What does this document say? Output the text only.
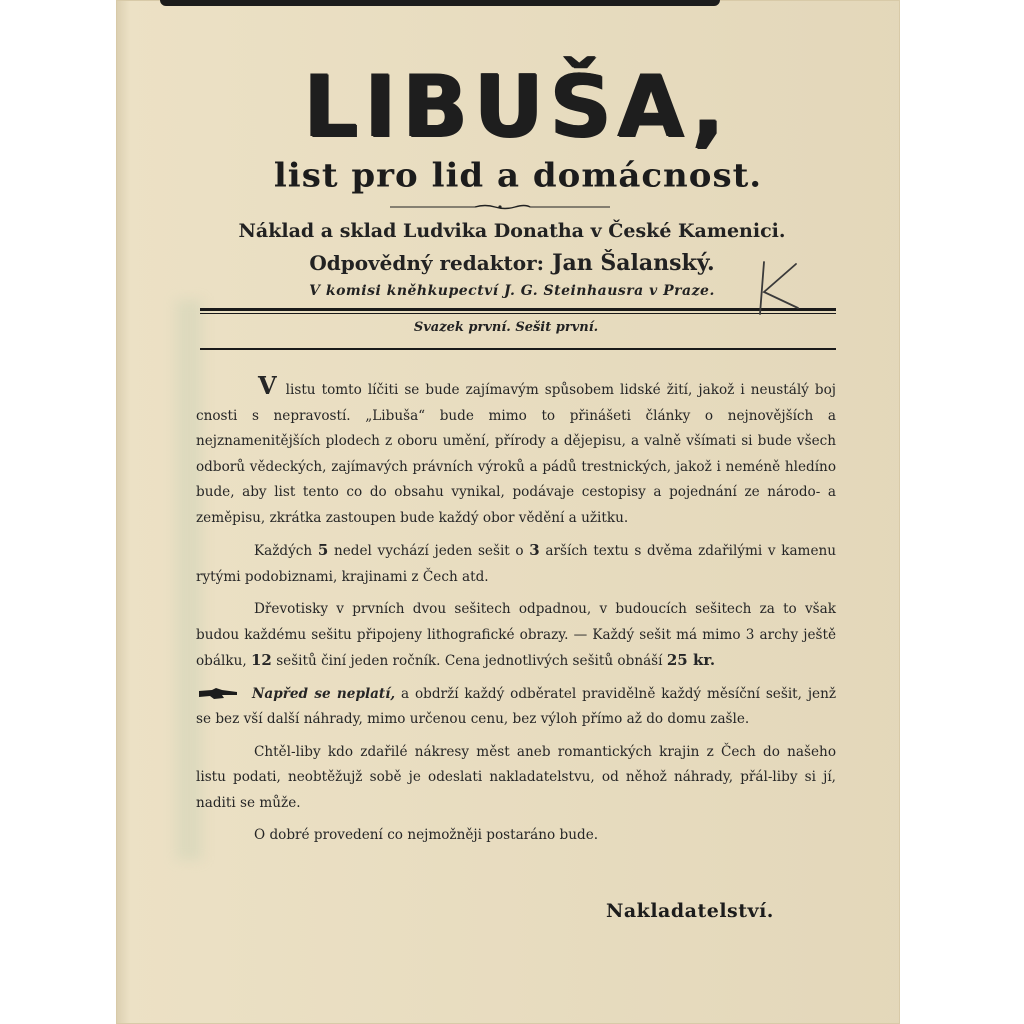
LIBUŠA,
list pro lid a domácnost.
Náklad a sklad Ludvika Donatha v České Kamenici.
Odpovědný redaktor: Jan Šalanský.
V komisi kněhkupectví J. G. Steinhausra v Praze.
Svazek první. Sešit první.

V listu tomto líčiti se bude zajímavým spůsobem lidské žití, jakož i neustálý boj cnosti s nepravostí. „Libuša“ bude mimo to přinášeti články o nejnovějších a nejznamenitějších plodech z oboru umění, přírody a dějepisu, a valně všímati si bude všech odborů vědeckých, zajímavých právních výroků a pádů trestnických, jakož i neméně hledíno bude, aby list tento co do obsahu vynikal, podávaje cestopisy a pojednání ze národo- a zeměpisu, zkrátka zastoupen bude každý obor vědění a užitku.

Každých 5 nedel vychází jeden sešit o 3 arších textu s dvěma zdařilými v kamenu rytými podobiznami, krajinami z Čech atd.

Dřevotisky v prvních dvou sešitech odpadnou, v budoucích sešitech za to však budou každému sešitu připojeny lithografické obrazy. — Každý sešit má mimo 3 archy ještě obálku, 12 sešitů činí jeden ročník. Cena jednotlivých sešitů obnáší 25 kr.

Napřed se neplatí, a obdrží každý odběratel pravidělně každý měsíční sešit, jenž se bez vší další náhrady, mimo určenou cenu, bez výloh přímo až do domu zašle.

Chtěl-liby kdo zdařilé nákresy měst aneb romantických krajin z Čech do našeho listu podati, neobtěžujž sobě je odeslati nakladatelstvu, od něhož náhrady, přál-liby si jí, naditi se může.

O dobré provedení co nejmožněji postaráno bude.

Nakladatelství.
